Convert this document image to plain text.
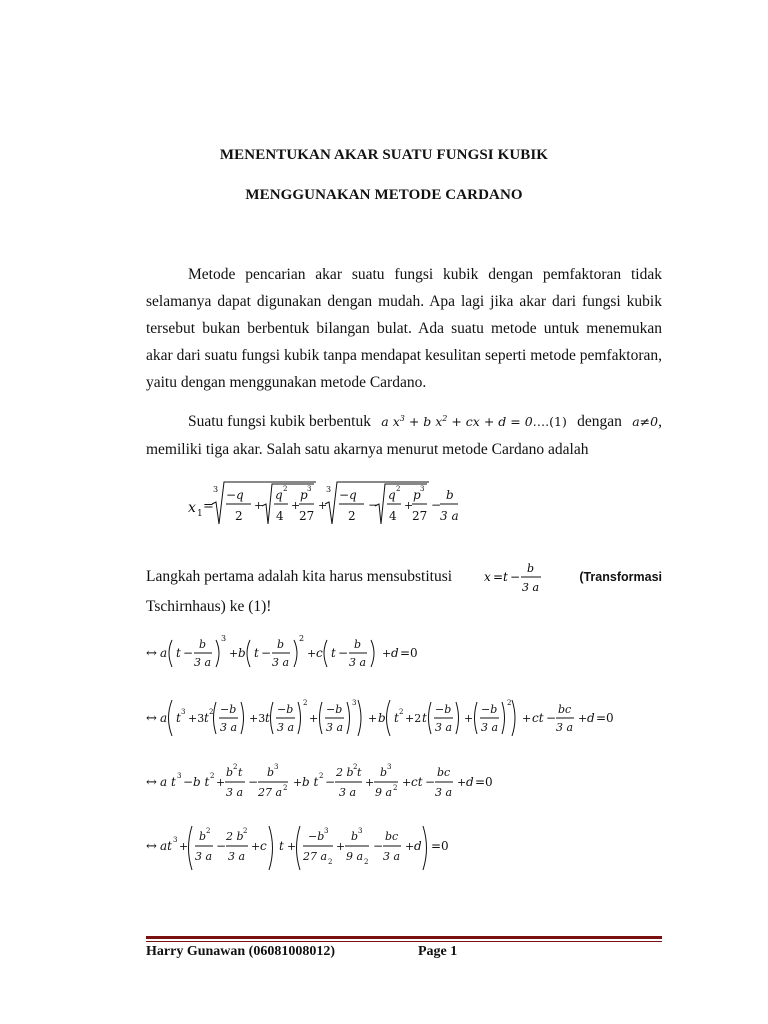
MENENTUKAN AKAR SUATU FUNGSI KUBIK
MENGGUNAKAN METODE CARDANO
Metode pencarian akar suatu fungsi kubik dengan pemfaktoran tidak selamanya dapat digunakan dengan mudah. Apa lagi jika akar dari fungsi kubik tersebut bukan berbentuk bilangan bulat. Ada suatu metode untuk menemukan akar dari suatu fungsi kubik tanpa mendapat kesulitan seperti metode pemfaktoran, yaitu dengan menggunakan metode Cardano.
Suatu fungsi kubik berbentuk a $x^3 + b$ $x^2$ + cx + d = 0….(1) dengan a≠0,
memiliki tiga akar. Salah satu akarnya menurut metode Cardano adalah
x 1 =
3 −q
2
+
q 2
4
+
p 3
27
+
3 −q
2
−
q 2
4
+
p 3
27
−
b
3 a
Langkah pertama adalah kita harus mensubstitusi	x = t −
b
3 a
(Transformasi
Tschirnhaus) ke (1)!
↔ a t −
b
3 a
3
+ b t −
b
3 a
2
+ c t −
b
3 a
+ d =0
↔ a t 3 +3 t 2 −b
3 a
+3 t
−b
3 a
2
+
−b
3 a
3
+ b t 2 +2 t
−b
3 a
+
−b
3 a
2
+ ct −
bc
3 a
+ d =0
↔ a t 3 − b t 2 +
b 2 t
3 a
−
b 3
27 a 2 + b t 2 −
2 b 2 t
3 a
+
b 3
9 a 2 + ct −
bc
3 a
+ d =0
↔ at 3 +
b 2
3 a
−
2 b 2
3 a
+ c t +
−b 3
27 a 2
+
b 3
9 a 2
−
bc
3 a
+ d =0
Harry Gunawan (06081008012)	Page 1
